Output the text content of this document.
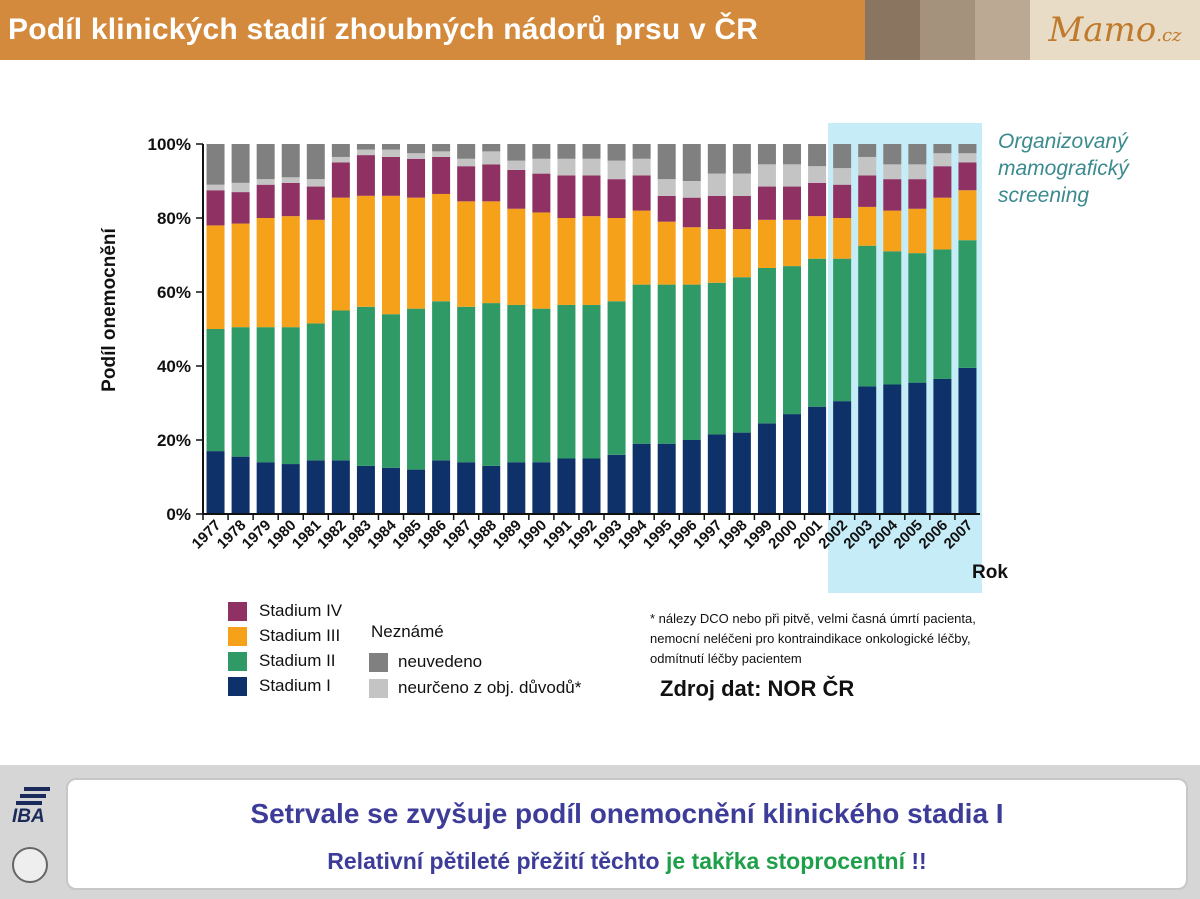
Podíl klinických stadií zhoubných nádorů prsu v ČR	Mamo.cz
1977
1978
1979
1980
1981
1982
1983
1984
1985
1986
1987
1988
1989
1990
1991
1992
1993
1994
1995
1996
1997
1998
1999
2000
2001
2002
2003
2004
2005
2006
2007
0%
20%
40%
60%
80%
100%
Podíl onemocnění
Rok
Organizovaný
mamografický
screening
Stadium IV
Stadium III
Stadium II
Stadium I
Neznámé
neuvedeno
neurčeno z obj. důvodů*
* nálezy DCO nebo při pitvě, velmi časná úmrtí pacienta, nemocní neléčeni pro kontraindikace onkologické léčby, odmítnutí léčby pacientem
Zdroj dat: NOR ČR
IBA	Setrvale se zvyšuje podíl onemocnění klinického stadia I
Relativní pětileté přežití těchto je takřka stoprocentní !!
